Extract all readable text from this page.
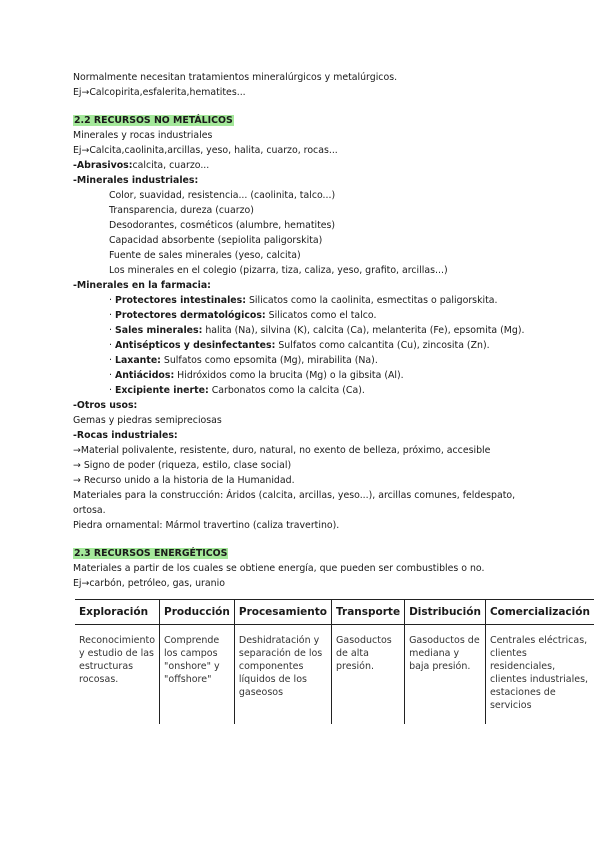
Normalmente necesitan tratamientos mineralúrgicos y metalúrgicos.
Ej→Calcopirita,esfalerita,hematites...
2.2 RECURSOS NO METÁLICOS
Minerales y rocas industriales
Ej→Calcita,caolinita,arcillas, yeso, halita, cuarzo, rocas...
-Abrasivos:calcita, cuarzo...
-Minerales industriales:
Color, suavidad, resistencia... (caolinita, talco...)
Transparencia, dureza (cuarzo)
Desodorantes, cosméticos (alumbre, hematites)
Capacidad absorbente (sepiolita paligorskita)
Fuente de sales minerales (yeso, calcita)
Los minerales en el colegio (pizarra, tiza, caliza, yeso, grafito, arcillas...)
-Minerales en la farmacia:
· Protectores intestinales: Silicatos como la caolinita, esmectitas o paligorskita.
· Protectores dermatológicos: Silicatos como el talco.
· Sales minerales: halita (Na), silvina (K), calcita (Ca), melanterita (Fe), epsomita (Mg).
· Antisépticos y desinfectantes: Sulfatos como calcantita (Cu), zincosita (Zn).
· Laxante: Sulfatos como epsomita (Mg), mirabilita (Na).
· Antiácidos: Hidróxidos como la brucita (Mg) o la gibsita (Al).
· Excipiente inerte: Carbonatos como la calcita (Ca).
-Otros usos:
Gemas y piedras semipreciosas
-Rocas industriales:
→Material polivalente, resistente, duro, natural, no exento de belleza, próximo, accesible
→ Signo de poder (riqueza, estilo, clase social)
→ Recurso unido a la historia de la Humanidad.
Materiales para la construcción: Áridos (calcita, arcillas, yeso...), arcillas comunes, feldespato, ortosa.
Piedra ornamental: Mármol travertino (caliza travertino).
2.3 RECURSOS ENERGÉTICOS
Materiales a partir de los cuales se obtiene energía, que pueden ser combustibles o no.
Ej→carbón, petróleo, gas, uranio
Exploración	Producción	Procesamiento	Transporte	Distribución	Comercialización
Reconocimiento y estudio de las estructuras rocosas.	Comprende los campos "onshore" y "offshore"	Deshidratación y separación de los componentes líquidos de los gaseosos	Gasoductos de alta presión.	Gasoductos de mediana y baja presión.	Centrales eléctricas, clientes residenciales, clientes industriales, estaciones de servicios
